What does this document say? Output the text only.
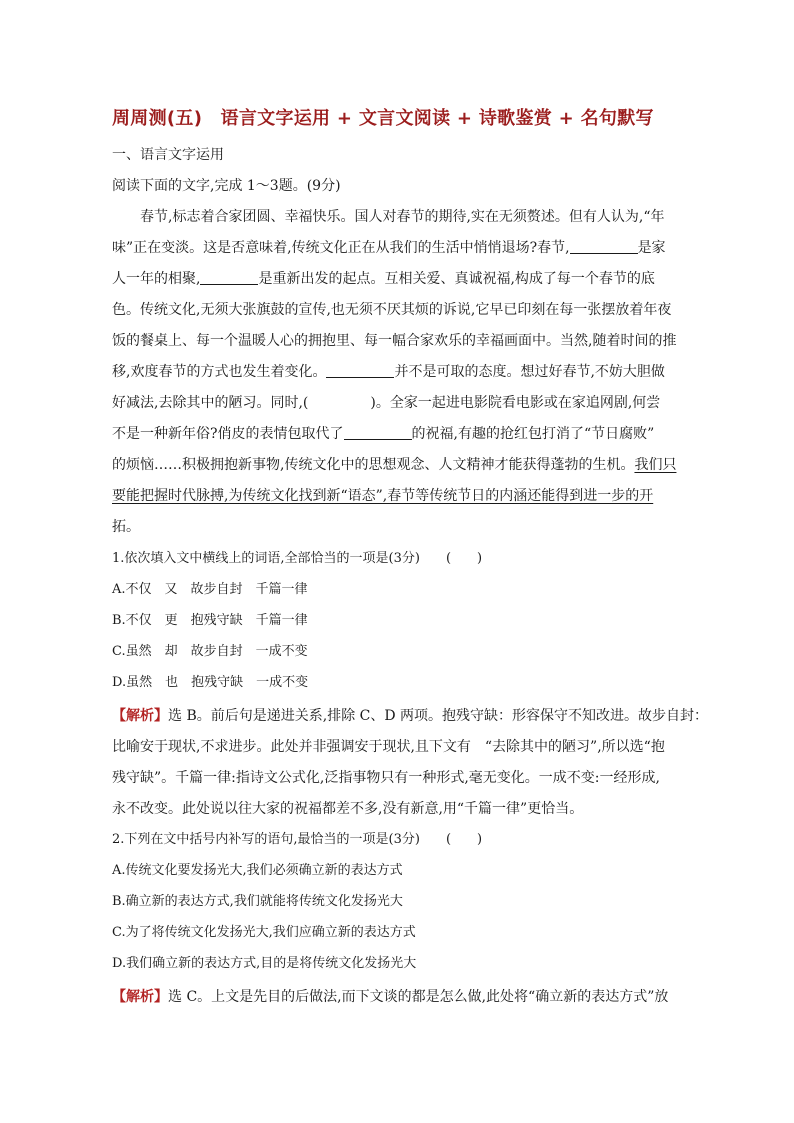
周周测(五)　语言文字运用 + 文言文阅读 + 诗歌鉴赏 + 名句默写
一、语言文字运用
阅读下面的文字,完成 1～3题。(9分)
春节,标志着合家团圆、幸福快乐。国人对春节的期待,实在无须赘述。但有人认为,“年
味”正在变淡。这是否意味着,传统文化正在从我们的生活中悄悄退场?春节,	是家
人一年的相聚,	是重新出发的起点。互相关爱、真诚祝福,构成了每一个春节的底
色。传统文化,无须大张旗鼓的宣传,也无须不厌其烦的诉说,它早已印刻在每一张摆放着年夜
饭的餐桌上、每一个温暖人心的拥抱里、每一幅合家欢乐的幸福画面中。当然,随着时间的推
移,欢度春节的方式也发生着变化。	并不是可取的态度。想过好春节,不妨大胆做
好减法,去除其中的陋习。同时,(	)。全家一起进电影院看电影或在家追网剧,何尝
不是一种新年俗?俏皮的表情包取代了	的祝福,有趣的抢红包打消了“节日腐败”
的烦恼……积极拥抱新事物,传统文化中的思想观念、人文精神才能获得蓬勃的生机。我们只
要能把握时代脉搏,为传统文化找到新“语态”,春节等传统节日的内涵还能得到进一步的开
拓。
1.依次填入文中横线上的词语,全部恰当的一项是(3分)　　(　　)
A.不仅　又　故步自封　千篇一律
B.不仅　更　抱残守缺　千篇一律
C.虽然　却　故步自封　一成不变
D.虽然　也　抱残守缺　一成不变
【解析】选 B。前后句是递进关系,排除 C、D 两项。抱残守缺：形容保守不知改进。故步自封：
比喻安于现状,不求进步。此处并非强调安于现状,且下文有　“去除其中的陋习”,所以选“抱
残守缺”。千篇一律:指诗文公式化,泛指事物只有一种形式,毫无变化。一成不变:一经形成,
永不改变。此处说以往大家的祝福都差不多,没有新意,用“千篇一律”更恰当。
2.下列在文中括号内补写的语句,最恰当的一项是(3分)　　(　　)
A.传统文化要发扬光大,我们必须确立新的表达方式
B.确立新的表达方式,我们就能将传统文化发扬光大
C.为了将传统文化发扬光大,我们应确立新的表达方式
D.我们确立新的表达方式,目的是将传统文化发扬光大
【解析】选 C。上文是先目的后做法,而下文谈的都是怎么做,此处将“确立新的表达方式”放
